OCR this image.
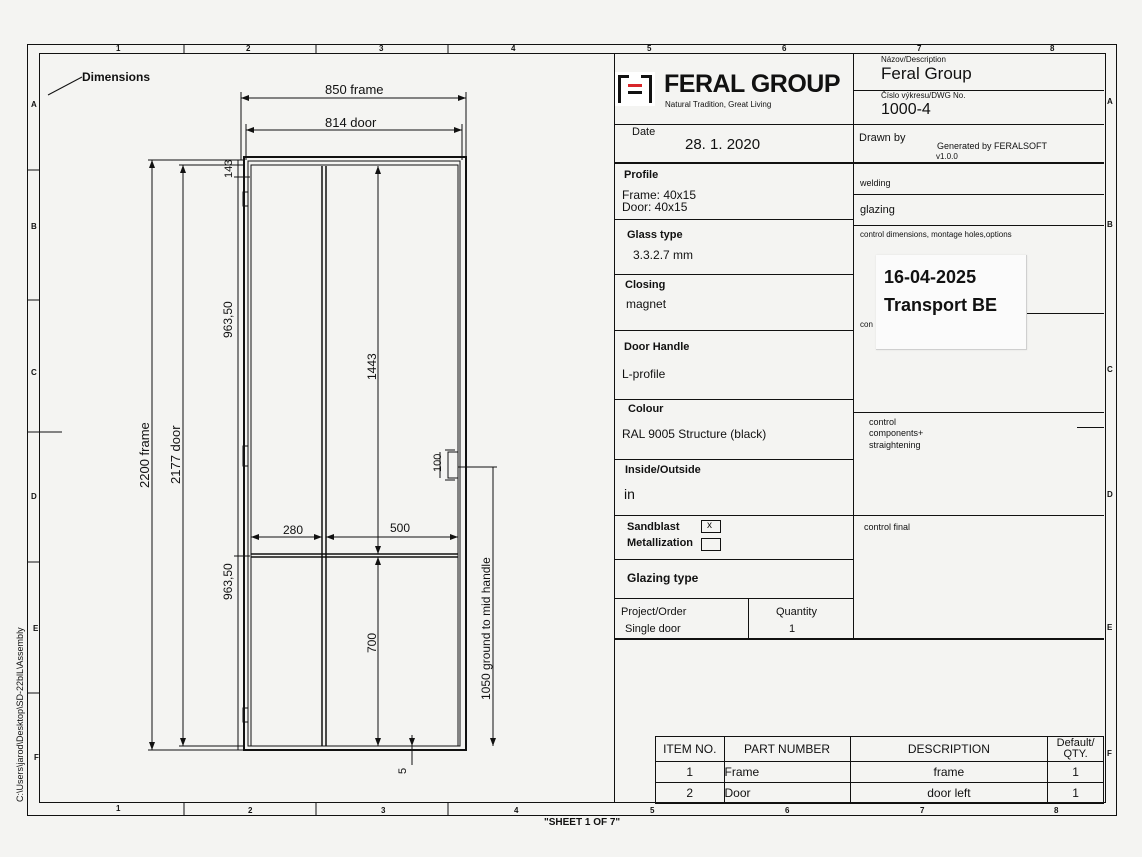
1	2	3	4	5	6	7	8
1	2	3	4	5	6	7	8
A
B
C
D
E
F
A
B
C
D
E
F
C:\Users\jarod\Desktop\SD-22blL\Assembly
"SHEET 1 OF 7"
Dimensions
850 frame
814 door
143
963,50
963,50
2200 frame 2177 door
1443
700
280	500
100
1050 ground to mid handle
5
FERAL GROUP
Natural Tradition, Great Living
Názov/Description
Feral Group
Číslo výkresu/DWG No.
1000-4
Date
28. 1. 2020	Drawn by
Generated by FERALSOFT
v1.0.0
Profile
Frame: 40x15
Door: 40x15
Glass type
3.3.2.7 mm
Closing
magnet
Door Handle
L-profile
Colour
RAL 9005 Structure (black)
Inside/Outside
in
Sandblast	x
Metallization
Glazing type
Project/Order
Single door
Quantity
1
welding
glazing
control dimensions, montage holes,options
con
control
components+
straightening
control final
16-04-2025
Transport BE
ITEM NO.	PART NUMBER	DESCRIPTION	Default/ QTY.
1	Frame	frame	1
2	Door	door left	1
